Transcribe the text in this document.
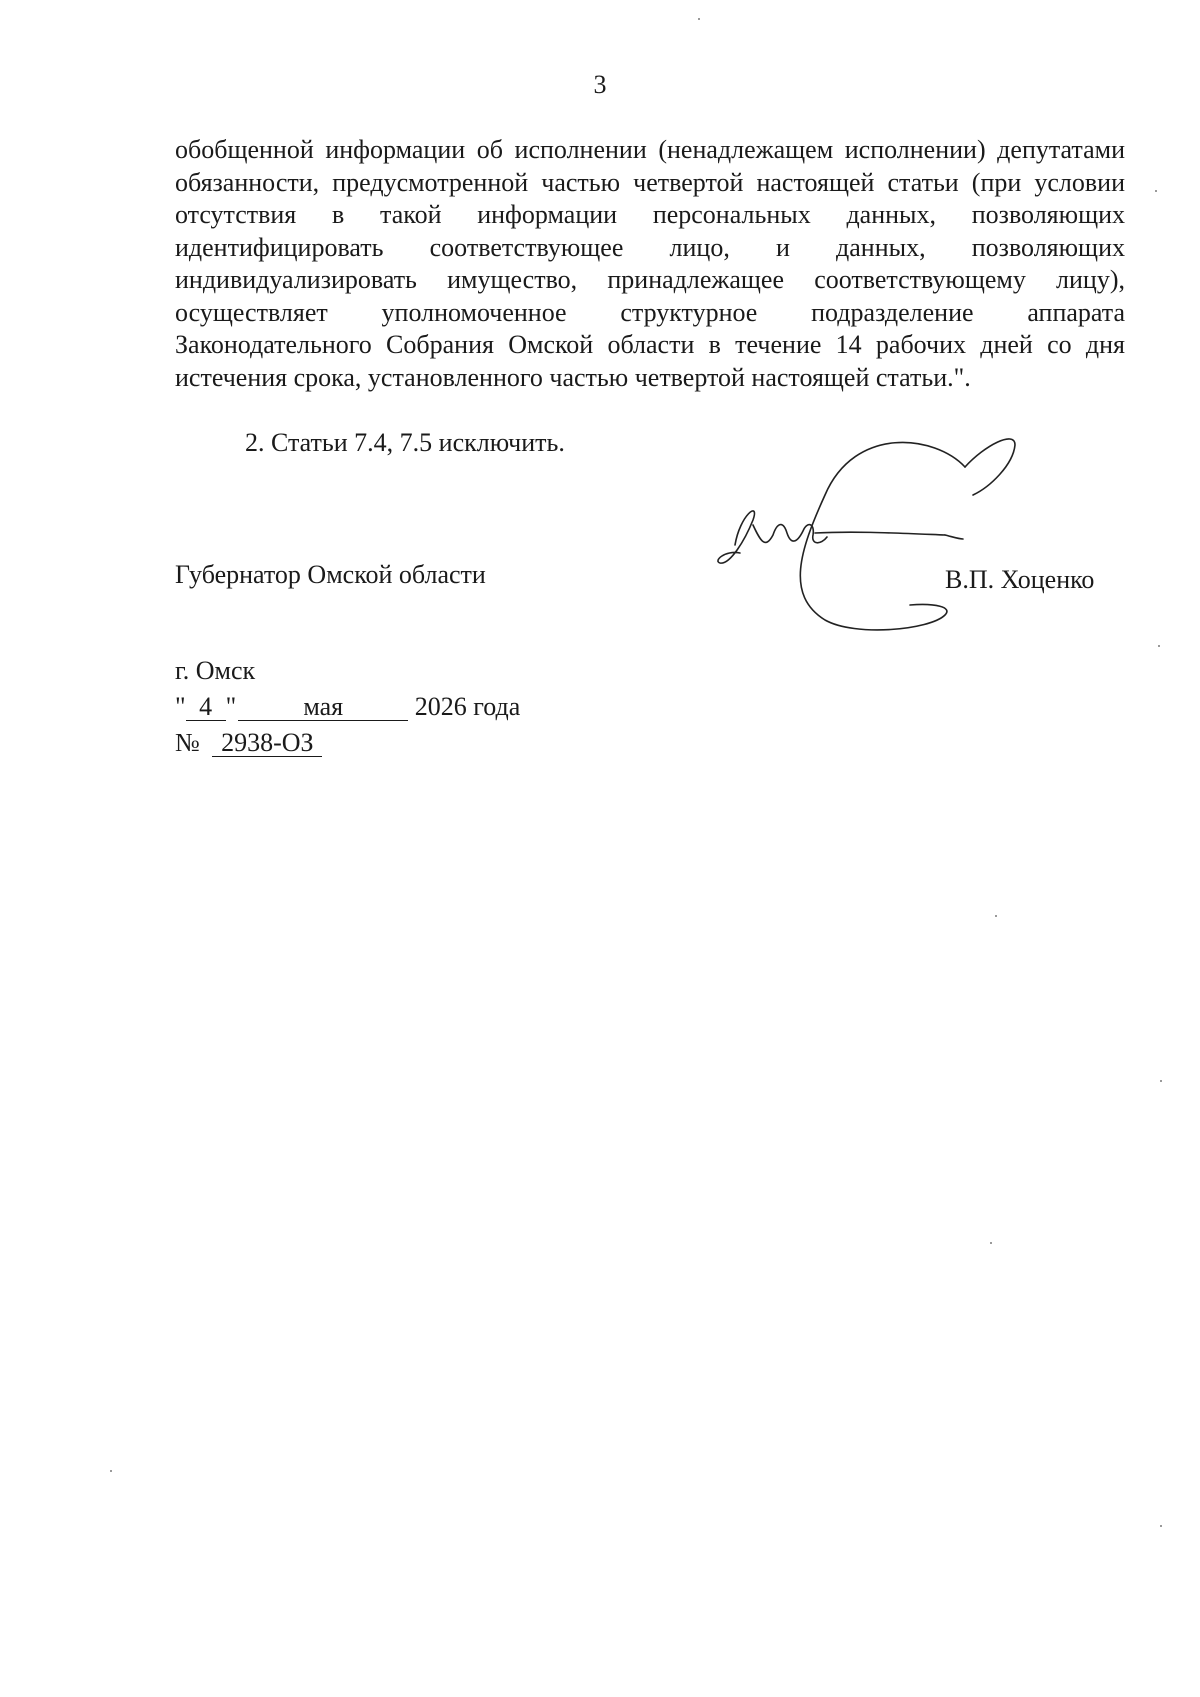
3

обобщенной информации об исполнении (ненадлежащем исполнении) депутатами обязанности, предусмотренной частью четвертой настоящей статьи (при условии отсутствия в такой информации персональных данных, позволяющих идентифицировать соответствующее лицо, и данных, позволяющих индивидуализировать имущество, принадлежащее соответствующему лицу), осуществляет уполномоченное структурное подразделение аппарата Законодательного Собрания Омской области в течение 14 рабочих дней со дня истечения срока, установленного частью четвертой настоящей статьи.".

2. Статьи 7.4, 7.5 исключить.

Губернатор Омской области	В.П. Хоценко
г. Омск
" 4 "	мая	2026 года
№ 2938-ОЗ
